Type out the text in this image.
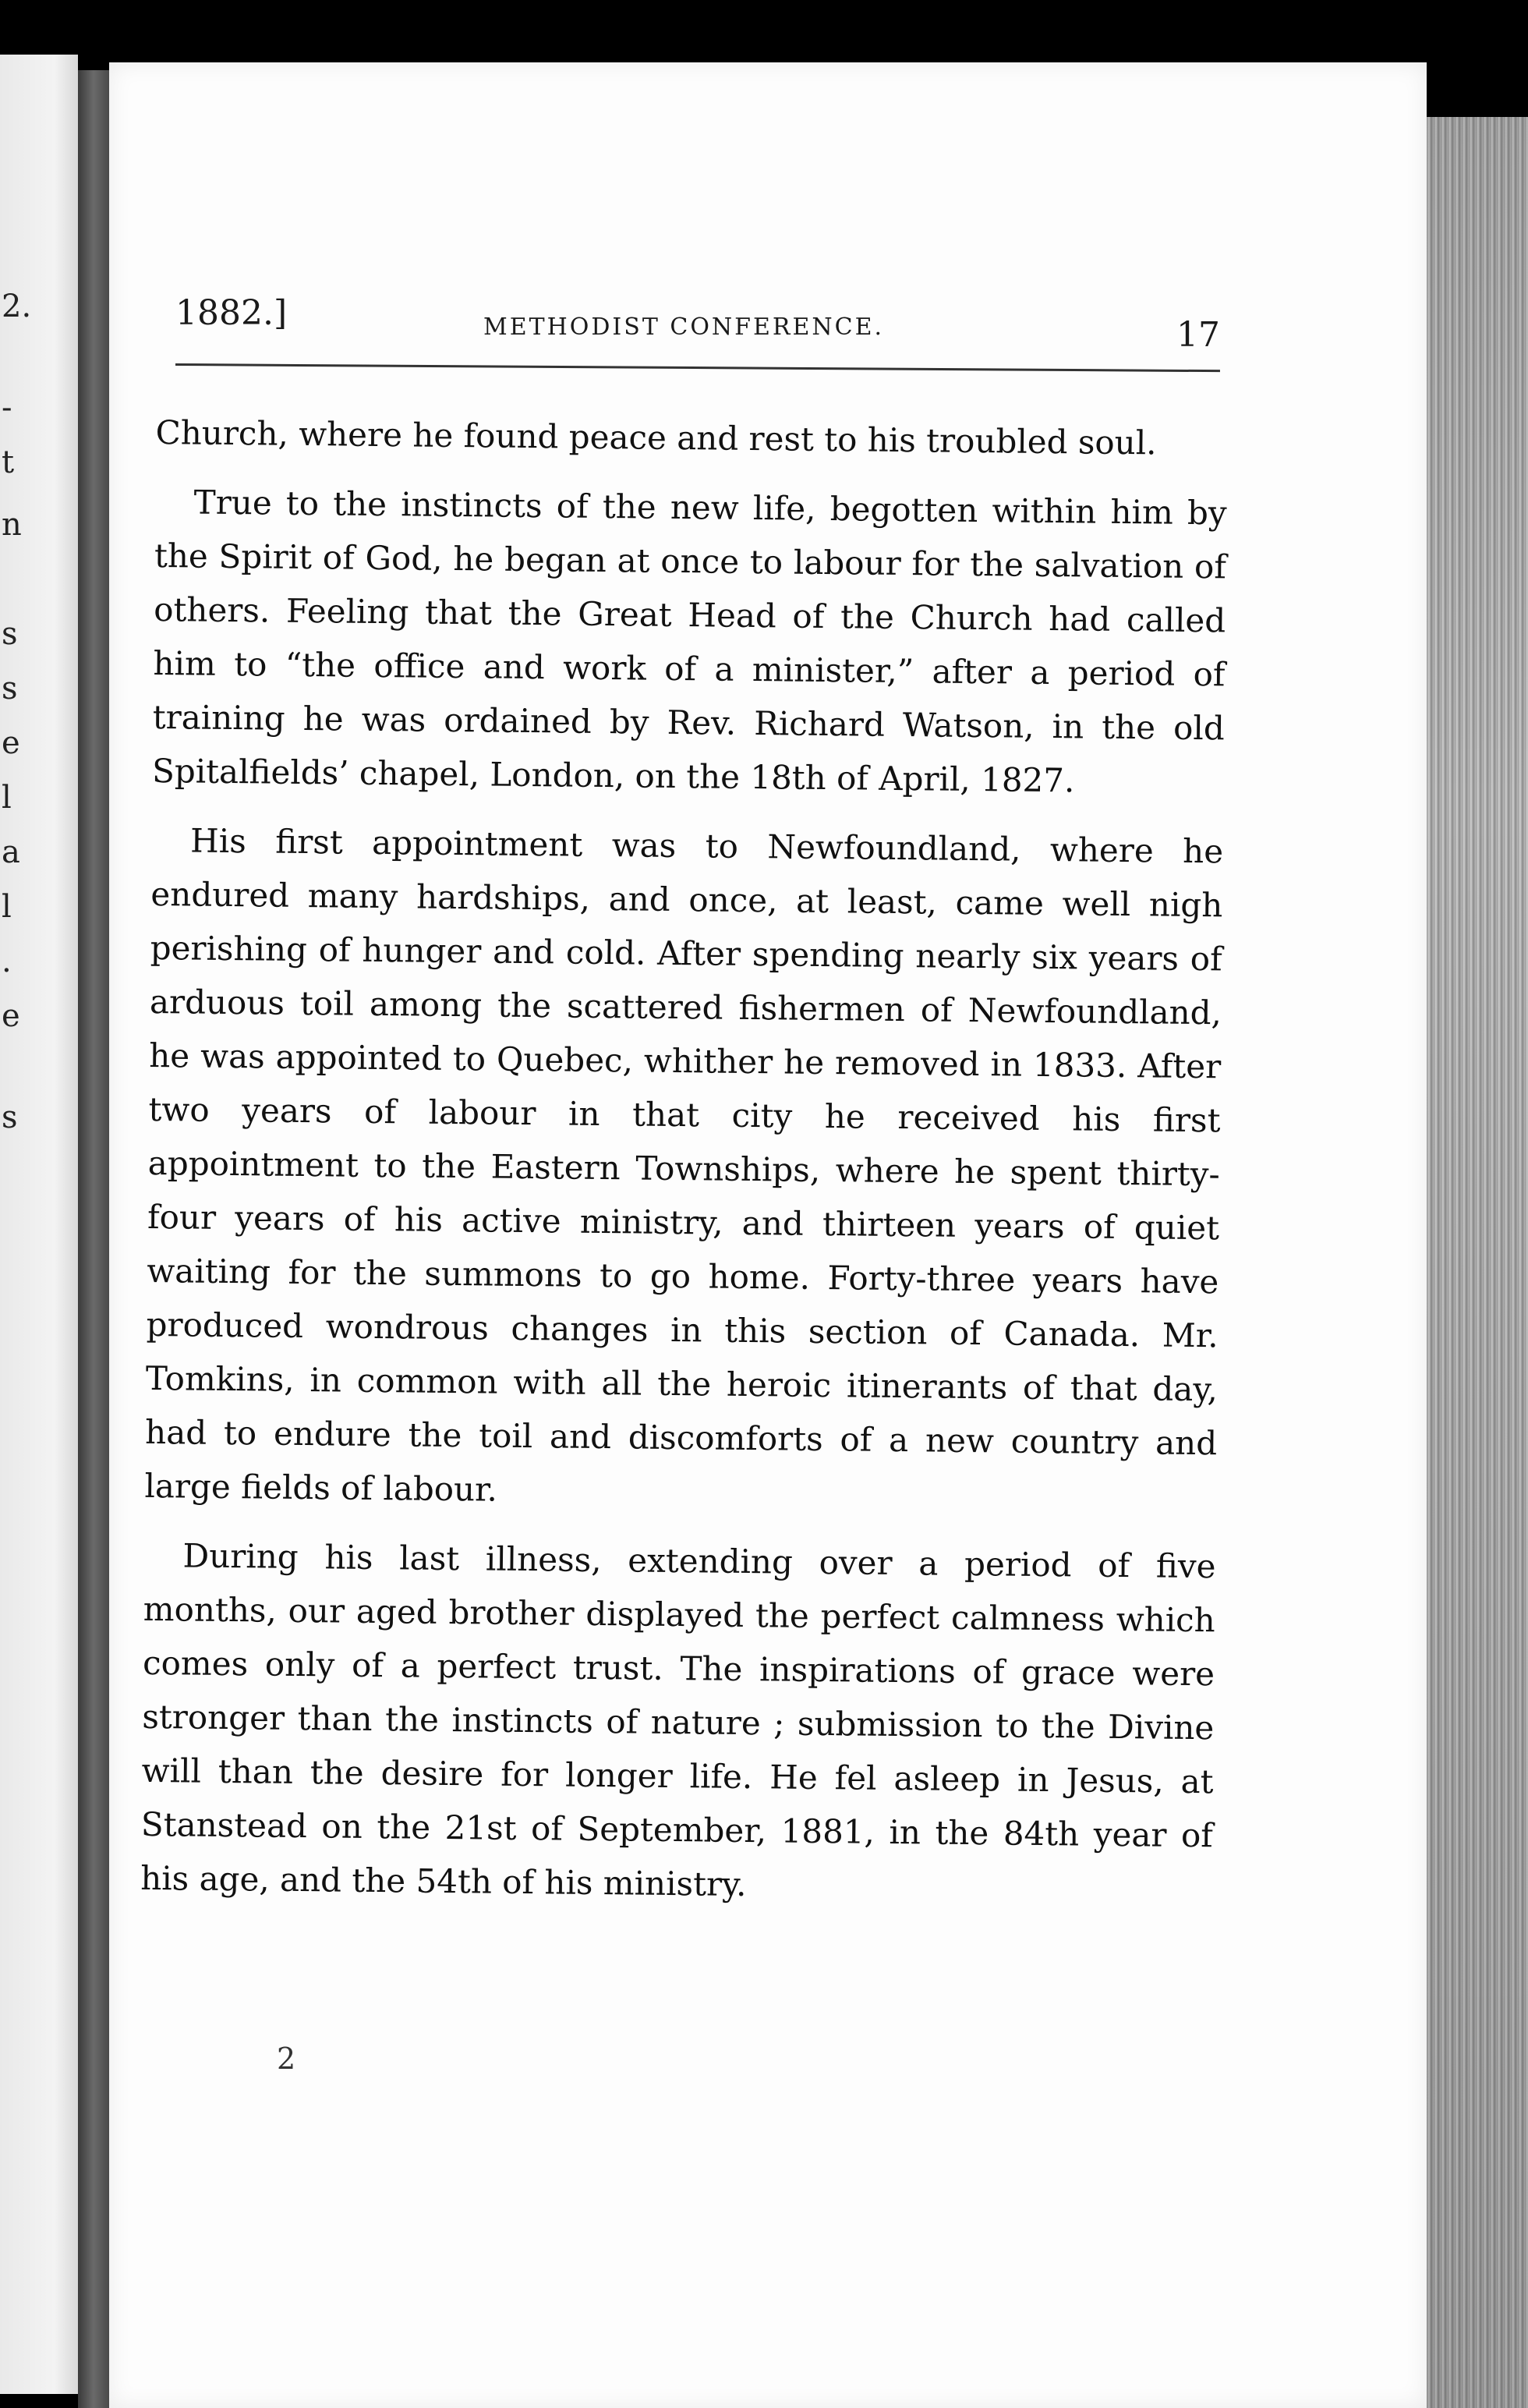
2.
-
t
n
s
s
e
l
a
l
.
e
s
1882.]	METHODIST CONFERENCE.	17

Church, where he found peace and rest to his troubled soul.

True to the instincts of the new life, begotten within him by the Spirit of God, he began at once to labour for the salvation of others. Feeling that the Great Head of the Church had called him to “the office and work of a minister,” after a period of training he was ordained by Rev. Richard Watson, in the old Spitalfields’ chapel, London, on the 18th of April, 1827.

His first appointment was to Newfoundland, where he endured many hardships, and once, at least, came well nigh perishing of hunger and cold. After spending nearly six years of arduous toil among the scattered fishermen of Newfoundland, he was appointed to Quebec, whither he removed in 1833. After two years of labour in that city he received his first appointment to the Eastern Townships, where he spent thirty-four years of his active ministry, and thirteen years of quiet waiting for the summons to go home. Forty-three years have produced wondrous changes in this section of Canada. Mr. Tomkins, in common with all the heroic itinerants of that day, had to endure the toil and discomforts of a new country and large fields of labour.

During his last illness, extending over a period of five months, our aged brother displayed the perfect calmness which comes only of a perfect trust. The inspirations of grace were stronger than the instincts of nature ; submission to the Divine will than the desire for longer life. He fel asleep in Jesus, at Stanstead on the 21st of September, 1881, in the 84th year of his age, and the 54th of his ministry.

2
